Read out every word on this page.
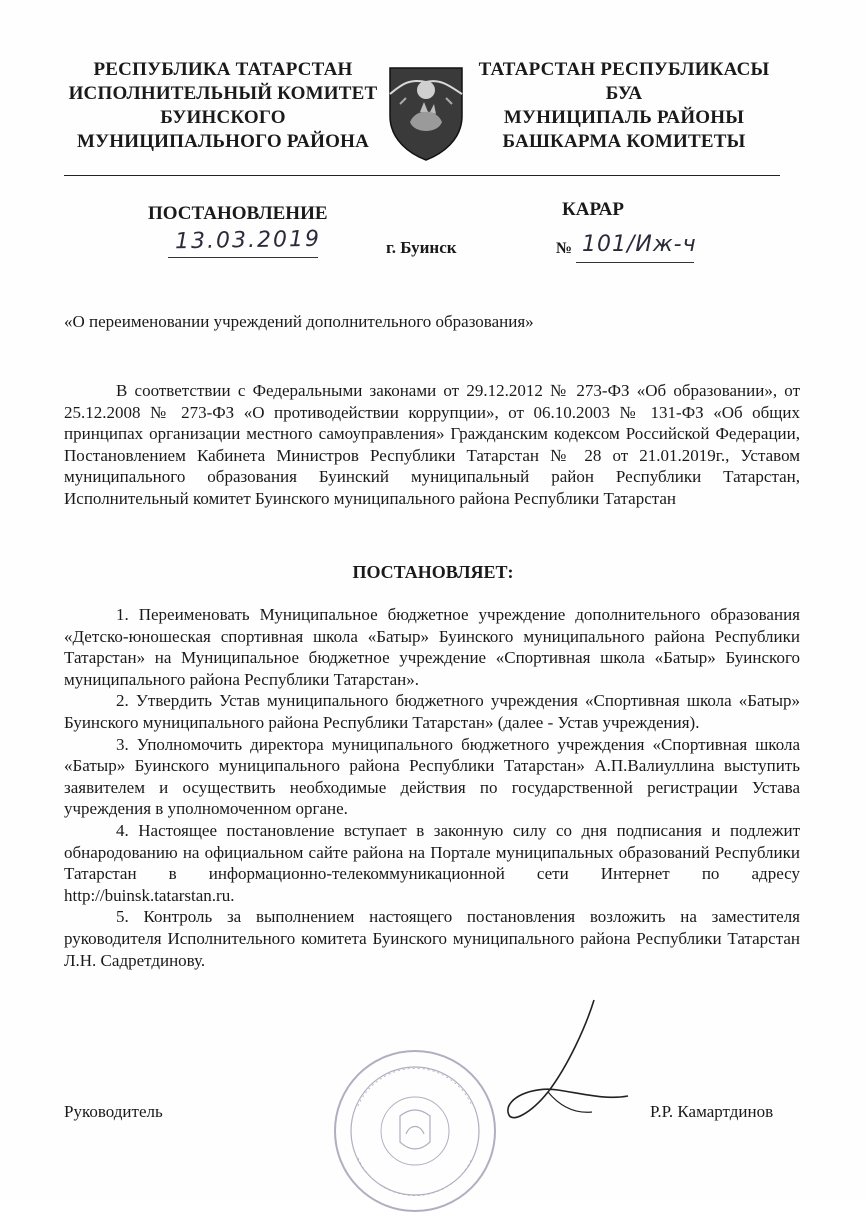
РЕСПУБЛИКА ТАТАРСТАН
ИСПОЛНИТЕЛЬНЫЙ КОМИТЕТ
БУИНСКОГО
МУНИЦИПАЛЬНОГО РАЙОНА
ТАТАРСТАН РЕСПУБЛИКАСЫ
БУА
МУНИЦИПАЛЬ РАЙОНЫ
БАШКАРМА КОМИТЕТЫ
ПОСТАНОВЛЕНИЕ	КАРАР
13.03.2019	г. Буинск	№ 101/Иж-ч
«О переименовании учреждений дополнительного образования»

В соответствии с Федеральными законами от 29.12.2012 № 273-ФЗ «Об образовании», от 25.12.2008 № 273-ФЗ «О противодействии коррупции», от 06.10.2003 № 131-ФЗ «Об общих принципах организации местного самоуправления» Гражданским кодексом Российской Федерации, Постановлением Кабинета Министров Республики Татарстан № 28 от 21.01.2019г., Уставом муниципального образования Буинский муниципальный район Республики Татарстан, Исполнительный комитет Буинского муниципального района Республики Татарстан

ПОСТАНОВЛЯЕТ:

1. Переименовать Муниципальное бюджетное учреждение дополнительного образования «Детско-юношеская спортивная школа «Батыр» Буинского муниципального района Республики Татарстан» на Муниципальное бюджетное учреждение «Спортивная школа «Батыр» Буинского муниципального района Республики Татарстан».

2. Утвердить Устав муниципального бюджетного учреждения «Спортивная школа «Батыр» Буинского муниципального района Республики Татарстан» (далее - Устав учреждения).

3. Уполномочить директора муниципального бюджетного учреждения «Спортивная школа «Батыр» Буинского муниципального района Республики Татарстан» А.П.Валиуллина выступить заявителем и осуществить необходимые действия по государственной регистрации Устава учреждения в уполномоченном органе.

4. Настоящее постановление вступает в законную силу со дня подписания и подлежит обнародованию на официальном сайте района на Портале муниципальных образований Республики Татарстан в информационно-телекоммуникационной сети Интернет по адресу http://buinsk.tatarstan.ru.

5. Контроль за выполнением настоящего постановления возложить на заместителя руководителя Исполнительного комитета Буинского муниципального района Республики Татарстан Л.Н. Садретдинову.

Руководитель	Р.Р. Камартдинов
